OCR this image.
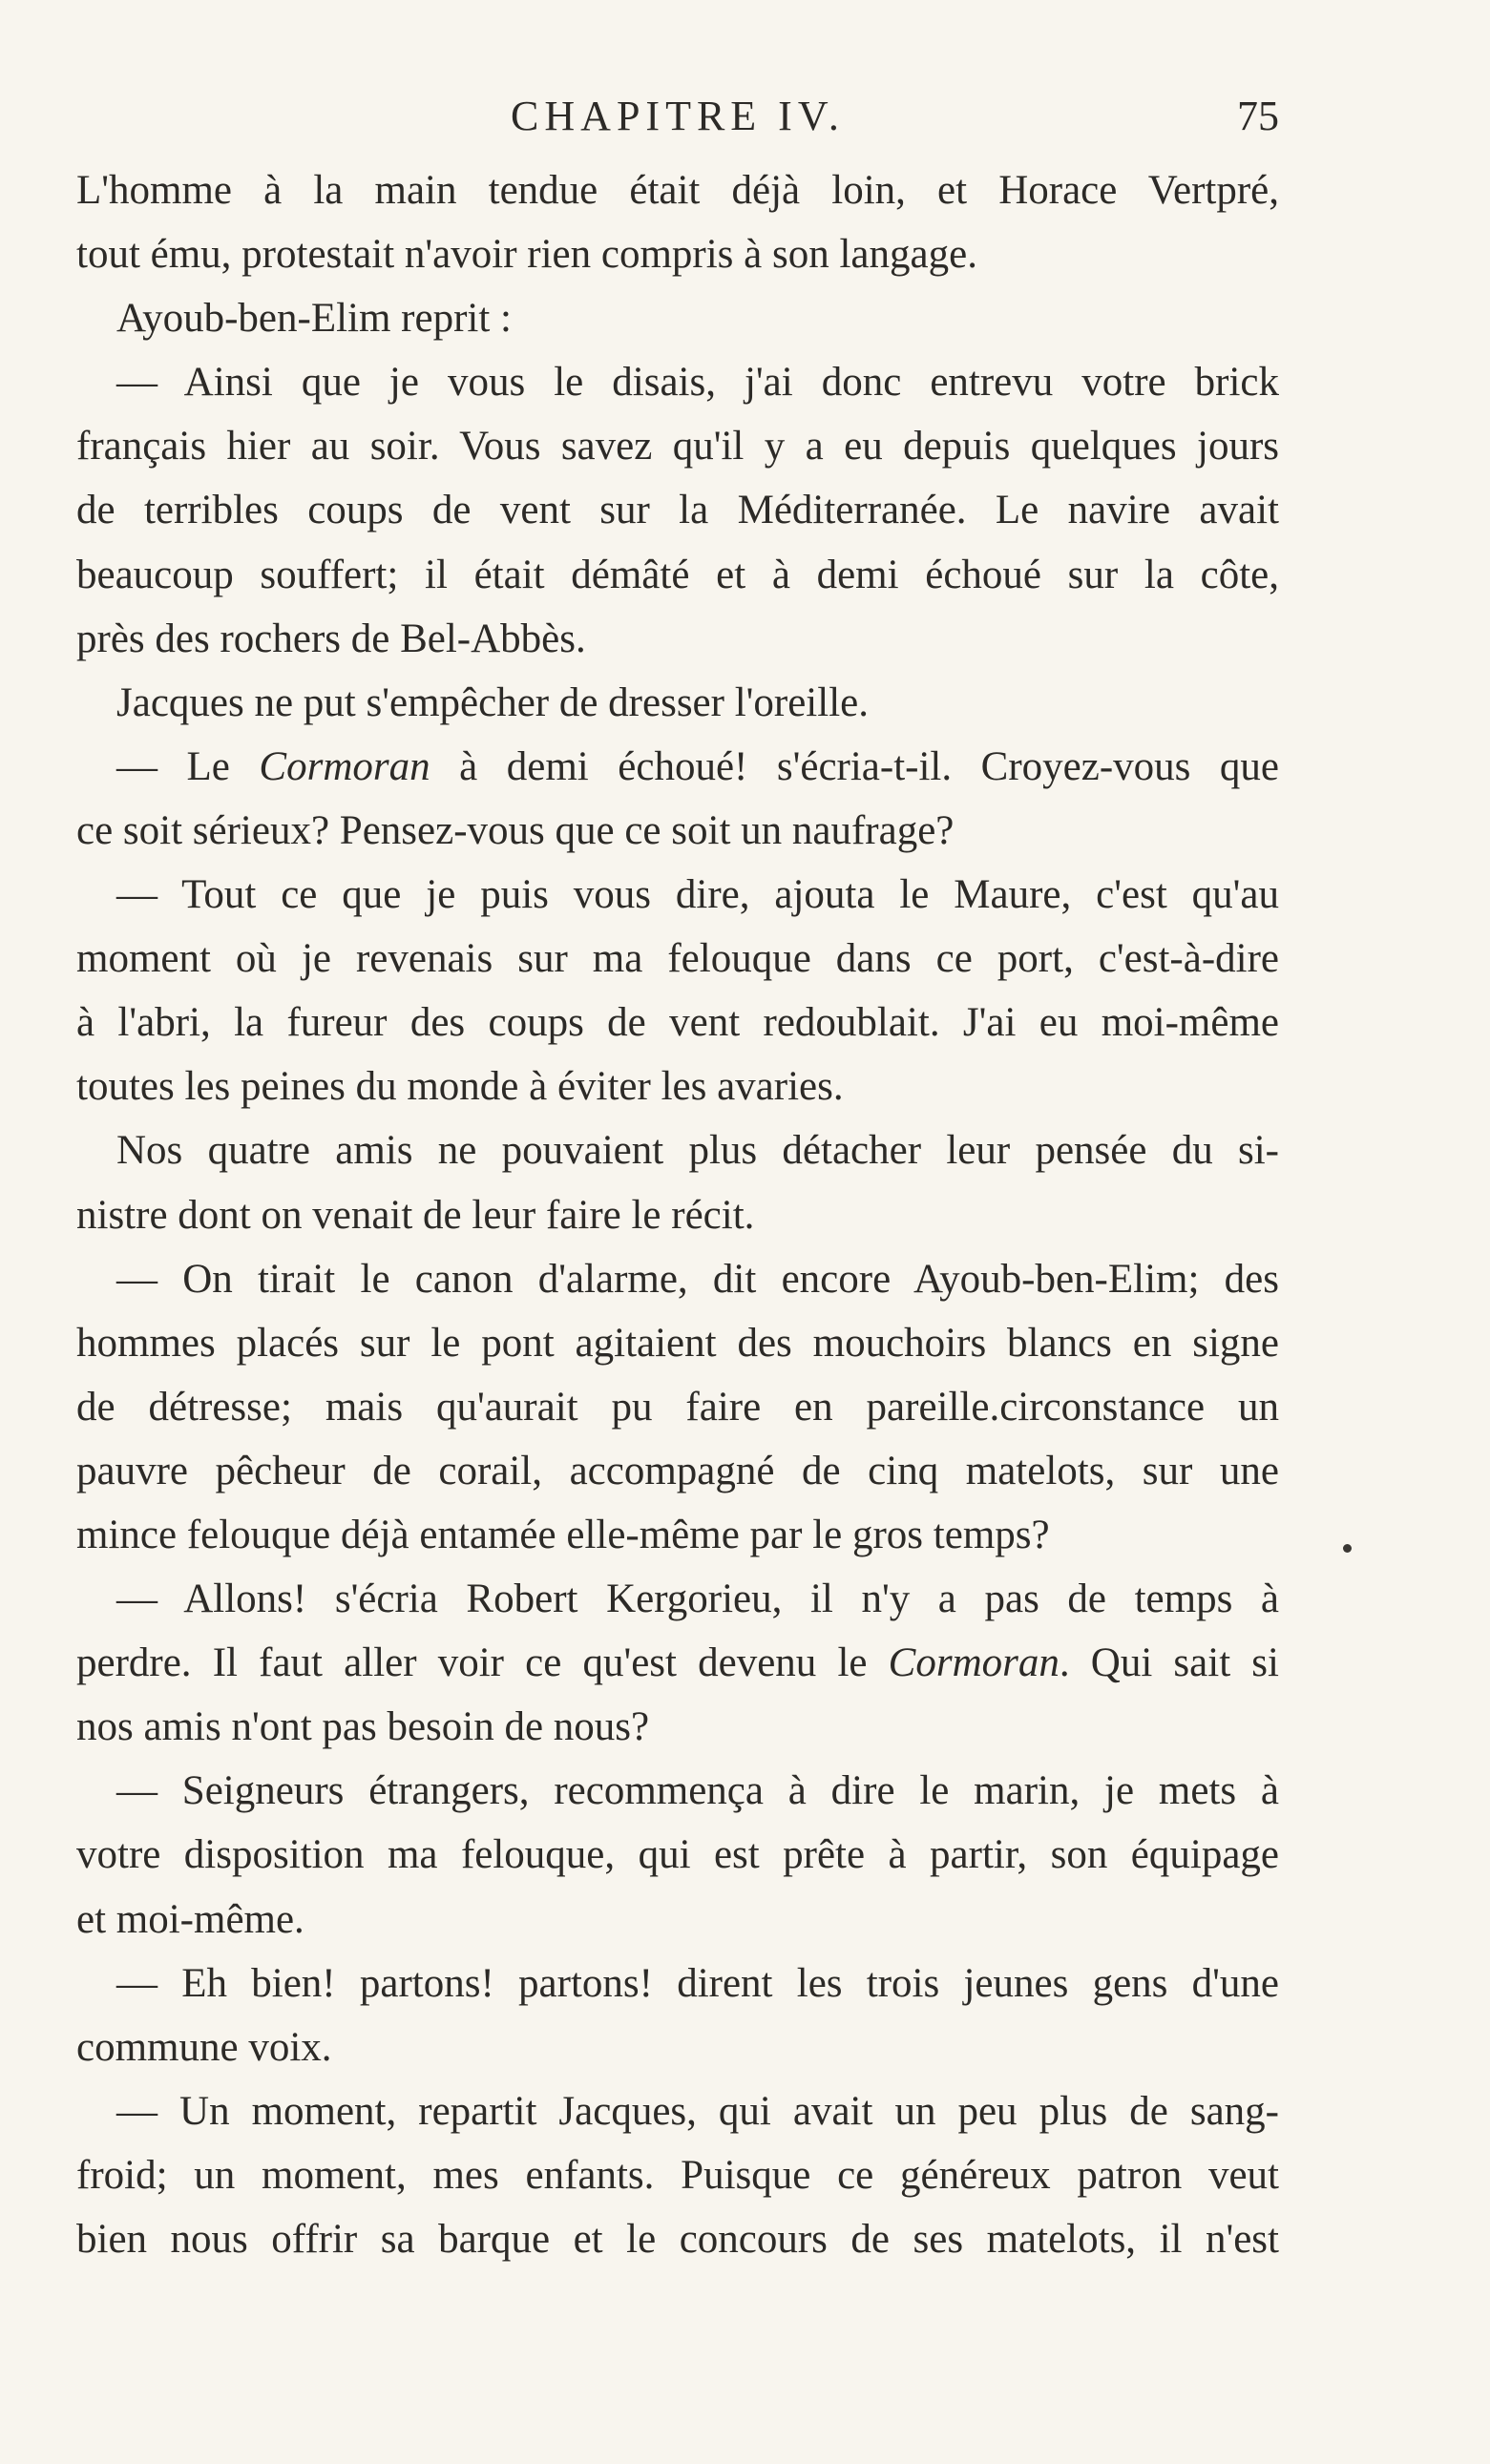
CHAPITRE IV.	75
L'homme à la main tendue était déjà loin, et Horace Vertpré,
tout ému, protestait n'avoir rien compris à son langage.
Ayoub-ben-Elim reprit :
— Ainsi que je vous le disais, j'ai donc entrevu votre brick
français hier au soir. Vous savez qu'il y a eu depuis quelques jours
de terribles coups de vent sur la Méditerranée. Le navire avait
beaucoup souffert; il était démâté et à demi échoué sur la côte,
près des rochers de Bel-Abbès.
Jacques ne put s'empêcher de dresser l'oreille.
— Le Cormoran à demi échoué! s'écria-t-il. Croyez-vous que
ce soit sérieux? Pensez-vous que ce soit un naufrage?
— Tout ce que je puis vous dire, ajouta le Maure, c'est qu'au
moment où je revenais sur ma felouque dans ce port, c'est-à-dire
à l'abri, la fureur des coups de vent redoublait. J'ai eu moi-même
toutes les peines du monde à éviter les avaries.
Nos quatre amis ne pouvaient plus détacher leur pensée du si-
nistre dont on venait de leur faire le récit.
— On tirait le canon d'alarme, dit encore Ayoub-ben-Elim; des
hommes placés sur le pont agitaient des mouchoirs blancs en signe
de détresse; mais qu'aurait pu faire en pareille.circonstance un
pauvre pêcheur de corail, accompagné de cinq matelots, sur une
mince felouque déjà entamée elle-même par le gros temps?
— Allons! s'écria Robert Kergorieu, il n'y a pas de temps à
perdre. Il faut aller voir ce qu'est devenu le Cormoran. Qui sait si
nos amis n'ont pas besoin de nous?
— Seigneurs étrangers, recommença à dire le marin, je mets à
votre disposition ma felouque, qui est prête à partir, son équipage
et moi-même.
— Eh bien! partons! partons! dirent les trois jeunes gens d'une
commune voix.
— Un moment, repartit Jacques, qui avait un peu plus de sang-
froid; un moment, mes enfants. Puisque ce généreux patron veut
bien nous offrir sa barque et le concours de ses matelots, il n'est
